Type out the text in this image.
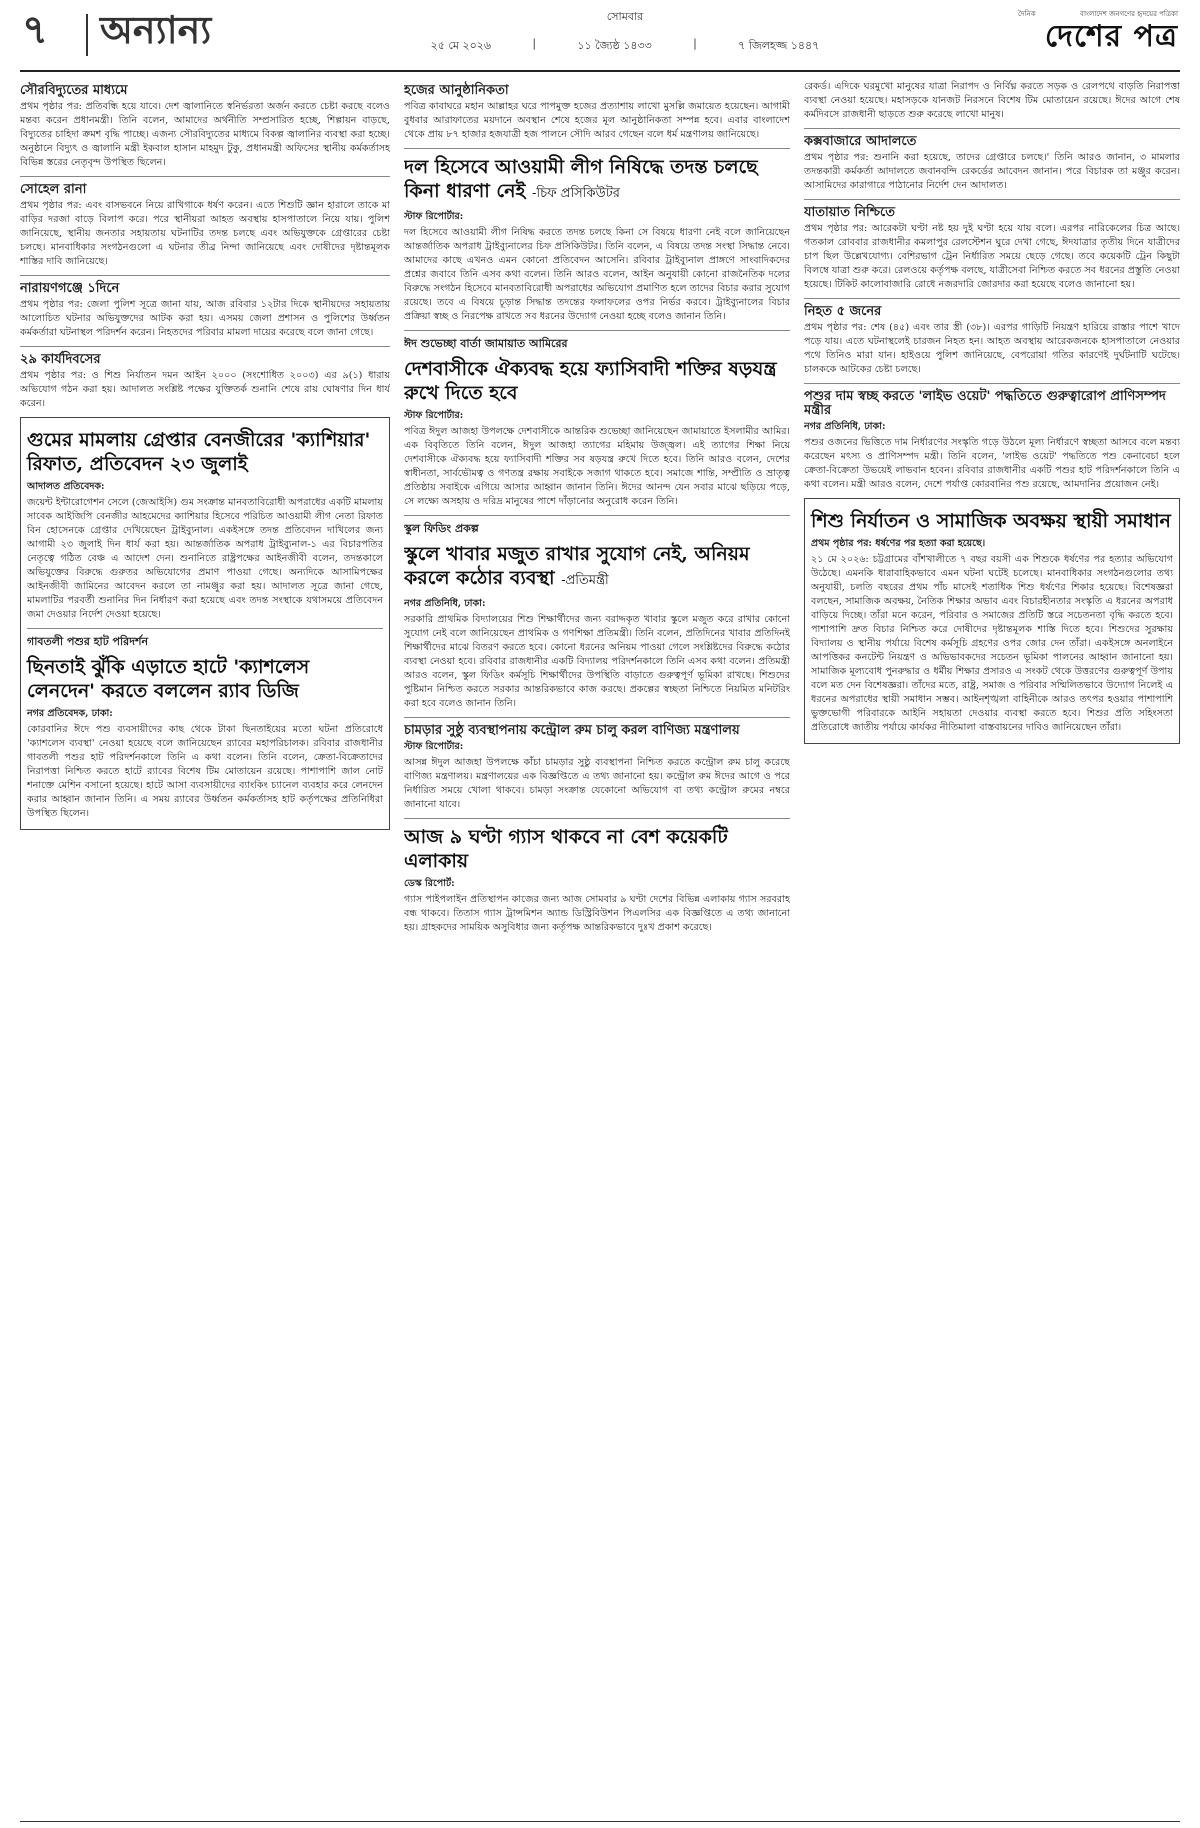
৭ অন্যান্য	সোমবার
২৫ মে ২০২৬	|	১১ জ্যৈষ্ঠ ১৪৩৩	|	৭ জিলহজ্জ ১৪৪৭
দৈনিক	বাংলাদেশ জনগণের হৃদয়ের পত্রিকা
দেশের পত্র
সৌরবিদ্যুতের মাধ্যমে

প্রথম পৃষ্ঠার পর: প্রতিবন্ধি হয়ে যাবে। দেশ জ্বালানিতে স্বনির্ভরতা অর্জন করতে চেষ্টা করছে বলেও মন্তব্য করেন প্রধানমন্ত্রী। তিনি বলেন, আমাদের অর্থনীতি সম্প্রসারিত হচ্ছে, শিল্পায়ন বাড়ছে, বিদ্যুতের চাহিদা ক্রমশ বৃদ্ধি পাচ্ছে। এজন্য সৌরবিদ্যুতের মাধ্যমে বিকল্প জ্বালানির ব্যবস্থা করা হচ্ছে। অনুষ্ঠানে বিদ্যুৎ ও জ্বালানি মন্ত্রী ইকবাল হাসান মাহমুদ টুকু, প্রধানমন্ত্রী অফিসের স্থানীয় কর্মকর্তাসহ বিভিন্ন স্তরের নেতৃবৃন্দ উপস্থিত ছিলেন।

সোহেল রানা

প্রথম পৃষ্ঠার পর: এবং বাসভবনে নিয়ে রাখিগাকে ধর্ষণ করেন। এতে শিশুটি জ্ঞান হারালে তাকে মা বাড়ির দরজা বাড়ে বিলাপ করে। পরে স্থানীয়রা আহত অবস্থায় হাসপাতালে নিয়ে যায়। পুলিশ জানিয়েছে, স্থানীয় জনতার সহায়তায় ঘটনাটির তদন্ত চলছে এবং অভিযুক্তকে গ্রেপ্তারের চেষ্টা চলছে। মানবাধিকার সংগঠনগুলো এ ঘটনার তীব্র নিন্দা জানিয়েছে এবং দোষীদের দৃষ্টান্তমূলক শাস্তির দাবি জানিয়েছে।

নারায়ণগঞ্জে ১দিনে

প্রথম পৃষ্ঠার পর: জেলা পুলিশ সূত্রে জানা যায়, আজ রবিবার ১২টার দিকে স্থানীয়দের সহায়তায় আলোচিত ঘটনার অভিযুক্তদের আটক করা হয়। এসময় জেলা প্রশাসন ও পুলিশের উর্ধ্বতন কর্মকর্তারা ঘটনাস্থল পরিদর্শন করেন। নিহতদের পরিবার মামলা দায়ের করেছে বলে জানা গেছে।

২৯ কার্যদিবসের

প্রথম পৃষ্ঠার পর: ও শিশু নির্যাতন দমন আইন ২০০০ (সংশোধিত ২০০৩) এর ৯(১) ধারায় অভিযোগ গঠন করা হয়। আদালত সংশ্লিষ্ট পক্ষের যুক্তিতর্ক শুনানি শেষে রায় ঘোষণার দিন ধার্য করেন।

গুমের মামলায় গ্রেপ্তার বেনজীরের 'ক্যাশিয়ার' রিফাত, প্রতিবেদন ২৩ জুলাই
আদালত প্রতিবেদক:

জয়েন্ট ইন্টারোগেশন সেলে (জেআইসি) গুম সংক্রান্ত মানবতাবিরোধী অপরাধের একটি মামলায় সাবেক আইজিপি বেনজীর আহমেদের ক্যাশিয়ার হিসেবে পরিচিত আওয়ামী লীগ নেতা রিফাত বিন হোসেনকে গ্রেপ্তার দেখিয়েছেন ট্রাইব্যুনাল। একইসঙ্গে তদন্ত প্রতিবেদন দাখিলের জন্য আগামী ২৩ জুলাই দিন ধার্য করা হয়। আন্তর্জাতিক অপরাধ ট্রাইব্যুনাল-১ এর বিচারপতির নেতৃত্বে গঠিত বেঞ্চ এ আদেশ দেন। শুনানিতে রাষ্ট্রপক্ষের আইনজীবী বলেন, তদন্তকালে অভিযুক্তের বিরুদ্ধে গুরুতর অভিযোগের প্রমাণ পাওয়া গেছে। অন্যদিকে আসামিপক্ষের আইনজীবী জামিনের আবেদন করলে তা নামঞ্জুর করা হয়। আদালত সূত্রে জানা গেছে, মামলাটির পরবর্তী শুনানির দিন নির্ধারণ করা হয়েছে এবং তদন্ত সংস্থাকে যথাসময়ে প্রতিবেদন জমা দেওয়ার নির্দেশ দেওয়া হয়েছে।

গাবতলী পশুর হাট পরিদর্শন
ছিনতাই ঝুঁকি এড়াতে হাটে 'ক্যাশলেস লেনদেন' করতে বললেন র‍্যাব ডিজি
নগর প্রতিবেদক, ঢাকা:

কোরবানির ঈদে পশু ব্যবসায়ীদের কাছ থেকে টাকা ছিনতাইয়ের মতো ঘটনা প্রতিরোধে 'ক্যাশলেস ব্যবস্থা' নেওয়া হয়েছে বলে জানিয়েছেন র‍্যাবের মহাপরিচালক। রবিবার রাজধানীর গাবতলী পশুর হাট পরিদর্শনকালে তিনি এ কথা বলেন। তিনি বলেন, ক্রেতা-বিক্রেতাদের নিরাপত্তা নিশ্চিত করতে হাটে র‍্যাবের বিশেষ টিম মোতায়েন রয়েছে। পাশাপাশি জাল নোট শনাক্তে মেশিন বসানো হয়েছে। হাটে আসা ব্যবসায়ীদের ব্যাংকিং চ্যানেল ব্যবহার করে লেনদেন করার আহ্বান জানান তিনি। এ সময় র‍্যাবের উর্ধ্বতন কর্মকর্তাসহ হাট কর্তৃপক্ষের প্রতিনিধিরা উপস্থিত ছিলেন।

হজের আনুষ্ঠানিকতা

পবিত্র কাবাঘরে মহান আল্লাহর ঘরে পাপমুক্ত হজের প্রত্যাশায় লাখো মুসল্লি জমায়েত হয়েছেন। আগামী বুধবার আরাফাতের ময়দানে অবস্থান শেষে হজের মূল আনুষ্ঠানিকতা সম্পন্ন হবে। এবার বাংলাদেশ থেকে প্রায় ৮৭ হাজার হজযাত্রী হজ পালনে সৌদি আরব গেছেন বলে ধর্ম মন্ত্রণালয় জানিয়েছে।

দল হিসেবে আওয়ামী লীগ নিষিদ্ধে তদন্ত চলছে কিনা ধারণা নেই -চিফ প্রসিকিউটর
স্টাফ রিপোর্টার:

দল হিসেবে আওয়ামী লীগ নিষিদ্ধ করতে তদন্ত চলছে কিনা সে বিষয়ে ধারণা নেই বলে জানিয়েছেন আন্তর্জাতিক অপরাধ ট্রাইব্যুনালের চিফ প্রসিকিউটর। তিনি বলেন, এ বিষয়ে তদন্ত সংস্থা সিদ্ধান্ত নেবে। আমাদের কাছে এখনও এমন কোনো প্রতিবেদন আসেনি। রবিবার ট্রাইব্যুনাল প্রাঙ্গণে সাংবাদিকদের প্রশ্নের জবাবে তিনি এসব কথা বলেন। তিনি আরও বলেন, আইন অনুযায়ী কোনো রাজনৈতিক দলের বিরুদ্ধে সংগঠন হিসেবে মানবতাবিরোধী অপরাধের অভিযোগ প্রমাণিত হলে তাদের বিচার করার সুযোগ রয়েছে। তবে এ বিষয়ে চূড়ান্ত সিদ্ধান্ত তদন্তের ফলাফলের ওপর নির্ভর করবে। ট্রাইব্যুনালের বিচার প্রক্রিয়া স্বচ্ছ ও নিরপেক্ষ রাখতে সব ধরনের উদ্যোগ নেওয়া হচ্ছে বলেও জানান তিনি।

ঈদ শুভেচ্ছা বার্তা জামায়াত আমিরের
দেশবাসীকে ঐক্যবদ্ধ হয়ে ফ্যাসিবাদী শক্তির ষড়যন্ত্র রুখে দিতে হবে
স্টাফ রিপোর্টার:

পবিত্র ঈদুল আজহা উপলক্ষে দেশবাসীকে আন্তরিক শুভেচ্ছা জানিয়েছেন জামায়াতে ইসলামীর আমির। এক বিবৃতিতে তিনি বলেন, ঈদুল আজহা ত্যাগের মহিমায় উজ্জ্বল। এই ত্যাগের শিক্ষা নিয়ে দেশবাসীকে ঐক্যবদ্ধ হয়ে ফ্যাসিবাদী শক্তির সব ষড়যন্ত্র রুখে দিতে হবে। তিনি আরও বলেন, দেশের স্বাধীনতা, সার্বভৌমত্ব ও গণতন্ত্র রক্ষায় সবাইকে সজাগ থাকতে হবে। সমাজে শান্তি, সম্প্রীতি ও ভ্রাতৃত্ব প্রতিষ্ঠায় সবাইকে এগিয়ে আসার আহ্বান জানান তিনি। ঈদের আনন্দ যেন সবার মাঝে ছড়িয়ে পড়ে, সে লক্ষ্যে অসহায় ও দরিদ্র মানুষের পাশে দাঁড়ানোর অনুরোধ করেন তিনি।

স্কুল ফিডিং প্রকল্প
স্কুলে খাবার মজুত রাখার সুযোগ নেই, অনিয়ম করলে কঠোর ব্যবস্থা -প্রতিমন্ত্রী
নগর প্রতিনিধি, ঢাকা:

সরকারি প্রাথমিক বিদ্যালয়ের শিশু শিক্ষার্থীদের জন্য বরাদ্দকৃত খাবার স্কুলে মজুত করে রাখার কোনো সুযোগ নেই বলে জানিয়েছেন প্রাথমিক ও গণশিক্ষা প্রতিমন্ত্রী। তিনি বলেন, প্রতিদিনের খাবার প্রতিদিনই শিক্ষার্থীদের মাঝে বিতরণ করতে হবে। কোনো ধরনের অনিয়ম পাওয়া গেলে সংশ্লিষ্টদের বিরুদ্ধে কঠোর ব্যবস্থা নেওয়া হবে। রবিবার রাজধানীর একটি বিদ্যালয় পরিদর্শনকালে তিনি এসব কথা বলেন। প্রতিমন্ত্রী আরও বলেন, স্কুল ফিডিং কর্মসূচি শিক্ষার্থীদের উপস্থিতি বাড়াতে গুরুত্বপূর্ণ ভূমিকা রাখছে। শিশুদের পুষ্টিমান নিশ্চিত করতে সরকার আন্তরিকভাবে কাজ করছে। প্রকল্পের স্বচ্ছতা নিশ্চিতে নিয়মিত মনিটরিং করা হবে বলেও জানান তিনি।

চামড়ার সুষ্ঠু ব্যবস্থাপনায় কন্ট্রোল রুম চালু করল বাণিজ্য মন্ত্রণালয়
স্টাফ রিপোর্টার:

আসন্ন ঈদুল আজহা উপলক্ষে কাঁচা চামড়ার সুষ্ঠু ব্যবস্থাপনা নিশ্চিত করতে কন্ট্রোল রুম চালু করেছে বাণিজ্য মন্ত্রণালয়। মন্ত্রণালয়ের এক বিজ্ঞপ্তিতে এ তথ্য জানানো হয়। কন্ট্রোল রুম ঈদের আগে ও পরে নির্ধারিত সময়ে খোলা থাকবে। চামড়া সংক্রান্ত যেকোনো অভিযোগ বা তথ্য কন্ট্রোল রুমের নম্বরে জানানো যাবে।

আজ ৯ ঘণ্টা গ্যাস থাকবে না বেশ কয়েকটি এলাকায়
ডেস্ক রিপোর্ট:

গ্যাস পাইপলাইন প্রতিস্থাপন কাজের জন্য আজ সোমবার ৯ ঘণ্টা দেশের বিভিন্ন এলাকায় গ্যাস সরবরাহ বন্ধ থাকবে। তিতাস গ্যাস ট্রান্সমিশন অ্যান্ড ডিস্ট্রিবিউশন পিএলসির এক বিজ্ঞপ্তিতে এ তথ্য জানানো হয়। গ্রাহকদের সাময়িক অসুবিধার জন্য কর্তৃপক্ষ আন্তরিকভাবে দুঃখ প্রকাশ করেছে।

রেকর্ড। এদিকে ঘরমুখো মানুষের যাত্রা নিরাপদ ও নির্বিঘ্ন করতে সড়ক ও রেলপথে বাড়তি নিরাপত্তা ব্যবস্থা নেওয়া হয়েছে। মহাসড়কে যানজট নিরসনে বিশেষ টিম মোতায়েন রয়েছে। ঈদের আগে শেষ কর্মদিবসে রাজধানী ছাড়তে শুরু করেছে লাখো মানুষ।

কক্সবাজারে আদালতে

প্রথম পৃষ্ঠার পর: শুনানি করা হয়েছে, তাদের গ্রেপ্তারে চলছে।' তিনি আরও জানান, ৩ মামলার তদন্তকারী কর্মকর্তা আদালতে জবানবন্দি রেকর্ডের আবেদন জানান। পরে বিচারক তা মঞ্জুর করেন। আসামিদের কারাগারে পাঠানোর নির্দেশ দেন আদালত।

যাতায়াত নিশ্চিতে

প্রথম পৃষ্ঠার পর: আরেকটা ঘণ্টা নষ্ট হয় দুই ঘণ্টা হয়ে যায় বলে। এরপর নারিকেলের চিত্র আছে। গতকাল রোববার রাজধানীর কমলাপুর রেলস্টেশন ঘুরে দেখা গেছে, ঈদযাত্রার তৃতীয় দিনে যাত্রীদের চাপ ছিল উল্লেখযোগ্য। বেশিরভাগ ট্রেন নির্ধারিত সময়ে ছেড়ে গেছে। তবে কয়েকটি ট্রেন কিছুটা বিলম্বে যাত্রা শুরু করে। রেলওয়ে কর্তৃপক্ষ বলছে, যাত্রীসেবা নিশ্চিত করতে সব ধরনের প্রস্তুতি নেওয়া হয়েছে। টিকিট কালোবাজারি রোধে নজরদারি জোরদার করা হয়েছে বলেও জানানো হয়।

নিহত ৫ জনের

প্রথম পৃষ্ঠার পর: শেষ (৪৫) এবং তার স্ত্রী (৩৮)। এরপর গাড়িটি নিয়ন্ত্রণ হারিয়ে রাস্তার পাশে খাদে পড়ে যায়। এতে ঘটনাস্থলেই চারজন নিহত হন। আহত অবস্থায় আরেকজনকে হাসপাতালে নেওয়ার পথে তিনিও মারা যান। হাইওয়ে পুলিশ জানিয়েছে, বেপরোয়া গতির কারণেই দুর্ঘটনাটি ঘটেছে। চালককে আটকের চেষ্টা চলছে।

পশুর দাম স্বচ্ছ করতে 'লাইভ ওয়েট' পদ্ধতিতে গুরুত্বারোপ প্রাণিসম্পদ মন্ত্রীর
নগর প্রতিনিধি, ঢাকা:

পশুর ওজনের ভিত্তিতে দাম নির্ধারণের সংস্কৃতি গড়ে উঠলে মূল্য নির্ধারণে স্বচ্ছতা আসবে বলে মন্তব্য করেছেন মৎস্য ও প্রাণিসম্পদ মন্ত্রী। তিনি বলেন, 'লাইভ ওয়েট' পদ্ধতিতে পশু কেনাবেচা হলে ক্রেতা-বিক্রেতা উভয়েই লাভবান হবেন। রবিবার রাজধানীর একটি পশুর হাট পরিদর্শনকালে তিনি এ কথা বলেন। মন্ত্রী আরও বলেন, দেশে পর্যাপ্ত কোরবানির পশু রয়েছে, আমদানির প্রয়োজন নেই।

শিশু নির্যাতন ও সামাজিক অবক্ষয় স্থায়ী সমাধান
প্রথম পৃষ্ঠার পর: ধর্ষণের পর হত্যা করা হয়েছে।

২১ মে ২০২৬: চট্টগ্রামের বাঁশখালীতে ৭ বছর বয়সী এক শিশুকে ধর্ষণের পর হত্যার অভিযোগ উঠেছে। এমনকি ধারাবাহিকভাবে এমন ঘটনা ঘটেই চলেছে। মানবাধিকার সংগঠনগুলোর তথ্য অনুযায়ী, চলতি বছরের প্রথম পাঁচ মাসেই শতাধিক শিশু ধর্ষণের শিকার হয়েছে। বিশেষজ্ঞরা বলছেন, সামাজিক অবক্ষয়, নৈতিক শিক্ষার অভাব এবং বিচারহীনতার সংস্কৃতি এ ধরনের অপরাধ বাড়িয়ে দিচ্ছে। তাঁরা মনে করেন, পরিবার ও সমাজের প্রতিটি স্তরে সচেতনতা বৃদ্ধি করতে হবে। পাশাপাশি দ্রুত বিচার নিশ্চিত করে দোষীদের দৃষ্টান্তমূলক শাস্তি দিতে হবে। শিশুদের সুরক্ষায় বিদ্যালয় ও স্থানীয় পর্যায়ে বিশেষ কর্মসূচি গ্রহণের ওপর জোর দেন তাঁরা। একইসঙ্গে অনলাইনে আপত্তিকর কনটেন্ট নিয়ন্ত্রণ ও অভিভাবকদের সচেতন ভূমিকা পালনের আহ্বান জানানো হয়। সামাজিক মূল্যবোধ পুনরুদ্ধার ও ধর্মীয় শিক্ষার প্রসারও এ সংকট থেকে উত্তরণের গুরুত্বপূর্ণ উপায় বলে মত দেন বিশেষজ্ঞরা। তাঁদের মতে, রাষ্ট্র, সমাজ ও পরিবার সম্মিলিতভাবে উদ্যোগ নিলেই এ ধরনের অপরাধের স্থায়ী সমাধান সম্ভব। আইনশৃঙ্খলা বাহিনীকে আরও তৎপর হওয়ার পাশাপাশি ভুক্তভোগী পরিবারকে আইনি সহায়তা দেওয়ার ব্যবস্থা করতে হবে। শিশুর প্রতি সহিংসতা প্রতিরোধে জাতীয় পর্যায়ে কার্যকর নীতিমালা বাস্তবায়নের দাবিও জানিয়েছেন তাঁরা।
